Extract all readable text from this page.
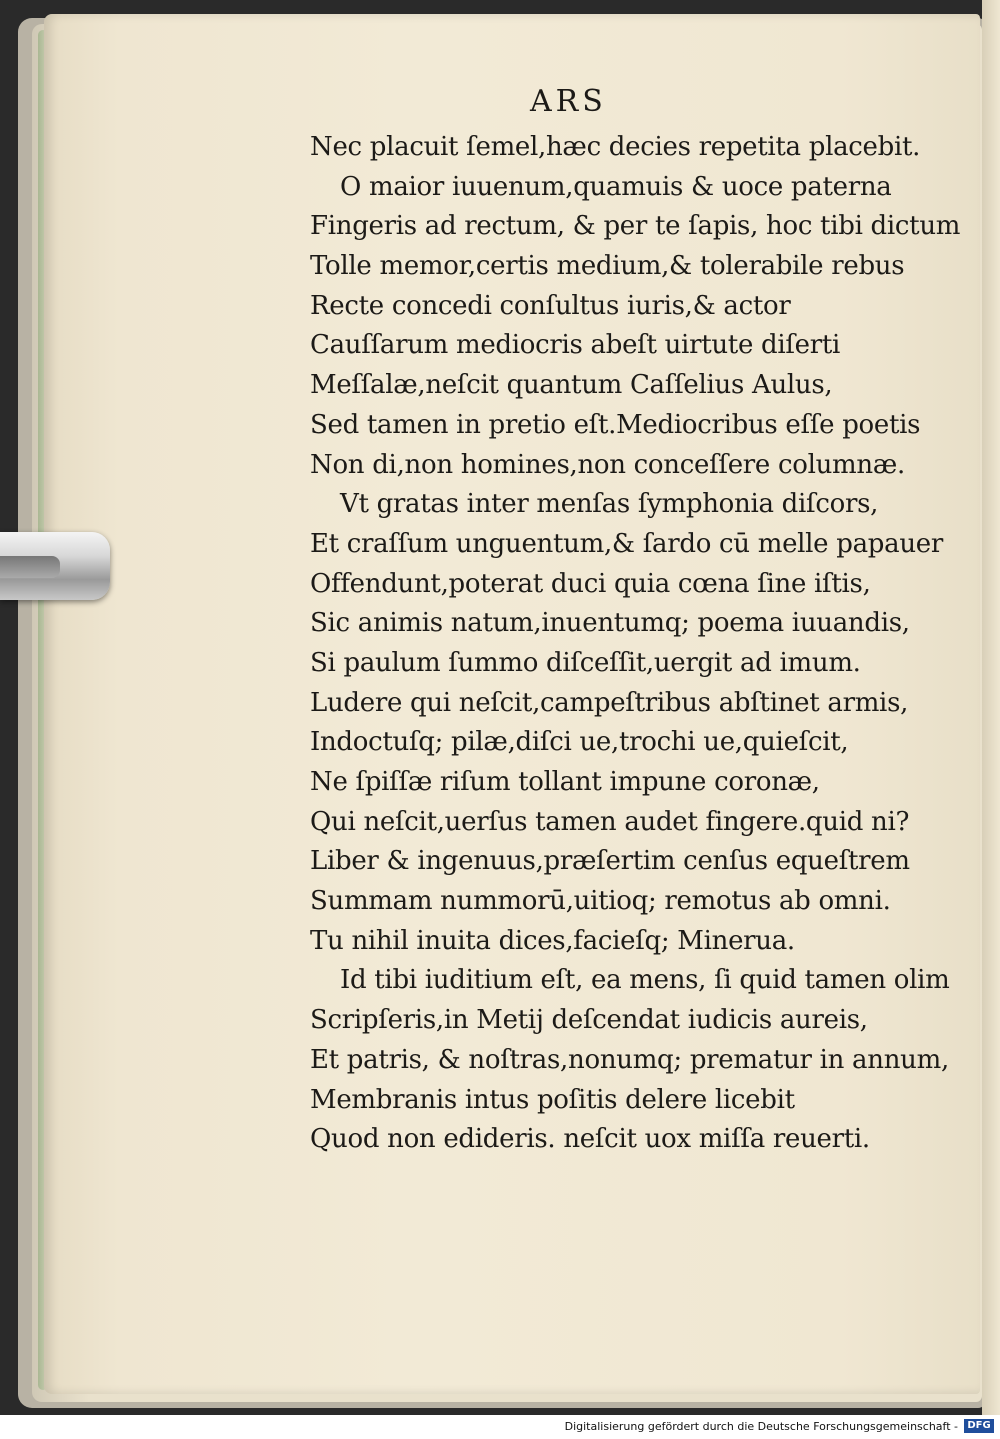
ARS
Nec placuit ſemel,hæc decies repetita placebit.
O maior iuuenum,quamuis & uoce paterna
Fingeris ad rectum, & per te ſapis, hoc tibi dictum
Tolle memor,certis medium,& tolerabile rebus
Recte concedi conſultus iuris,& actor
Cauſſarum mediocris abeſt uirtute diſerti
Meſſalæ,neſcit quantum Caſſelius Aulus,
Sed tamen in pretio eſt.Mediocribus eſſe poetis
Non di,non homines,non conceſſere columnæ.
Vt gratas inter menſas ſymphonia diſcors,
Et craſſum unguentum,& ſardo cū melle papauer
Offendunt,poterat duci quia cœna ſine iſtis,
Sic animis natum,inuentumq; poema iuuandis,
Si paulum ſummo diſceſſit,uergit ad imum.
Ludere qui neſcit,campeſtribus abſtinet armis,
Indoctuſq; pilæ,diſci ue,trochi ue,quieſcit,
Ne ſpiſſæ riſum tollant impune coronæ,
Qui neſcit,uerſus tamen audet fingere.quid ni?
Liber & ingenuus,præſertim cenſus equeſtrem
Summam nummorū,uitioq; remotus ab omni.
Tu nihil inuita dices,facieſq; Minerua.
Id tibi iuditium eſt, ea mens, ſi quid tamen olim
Scripſeris,in Metij deſcendat iudicis aureis,
Et patris, & noſtras,nonumq; prematur in annum,
Membranis intus poſitis delere licebit
Quod non edideris. neſcit uox miſſa reuerti.
Digitalisierung gefördert durch die Deutsche Forschungsgemeinschaft - DFG
